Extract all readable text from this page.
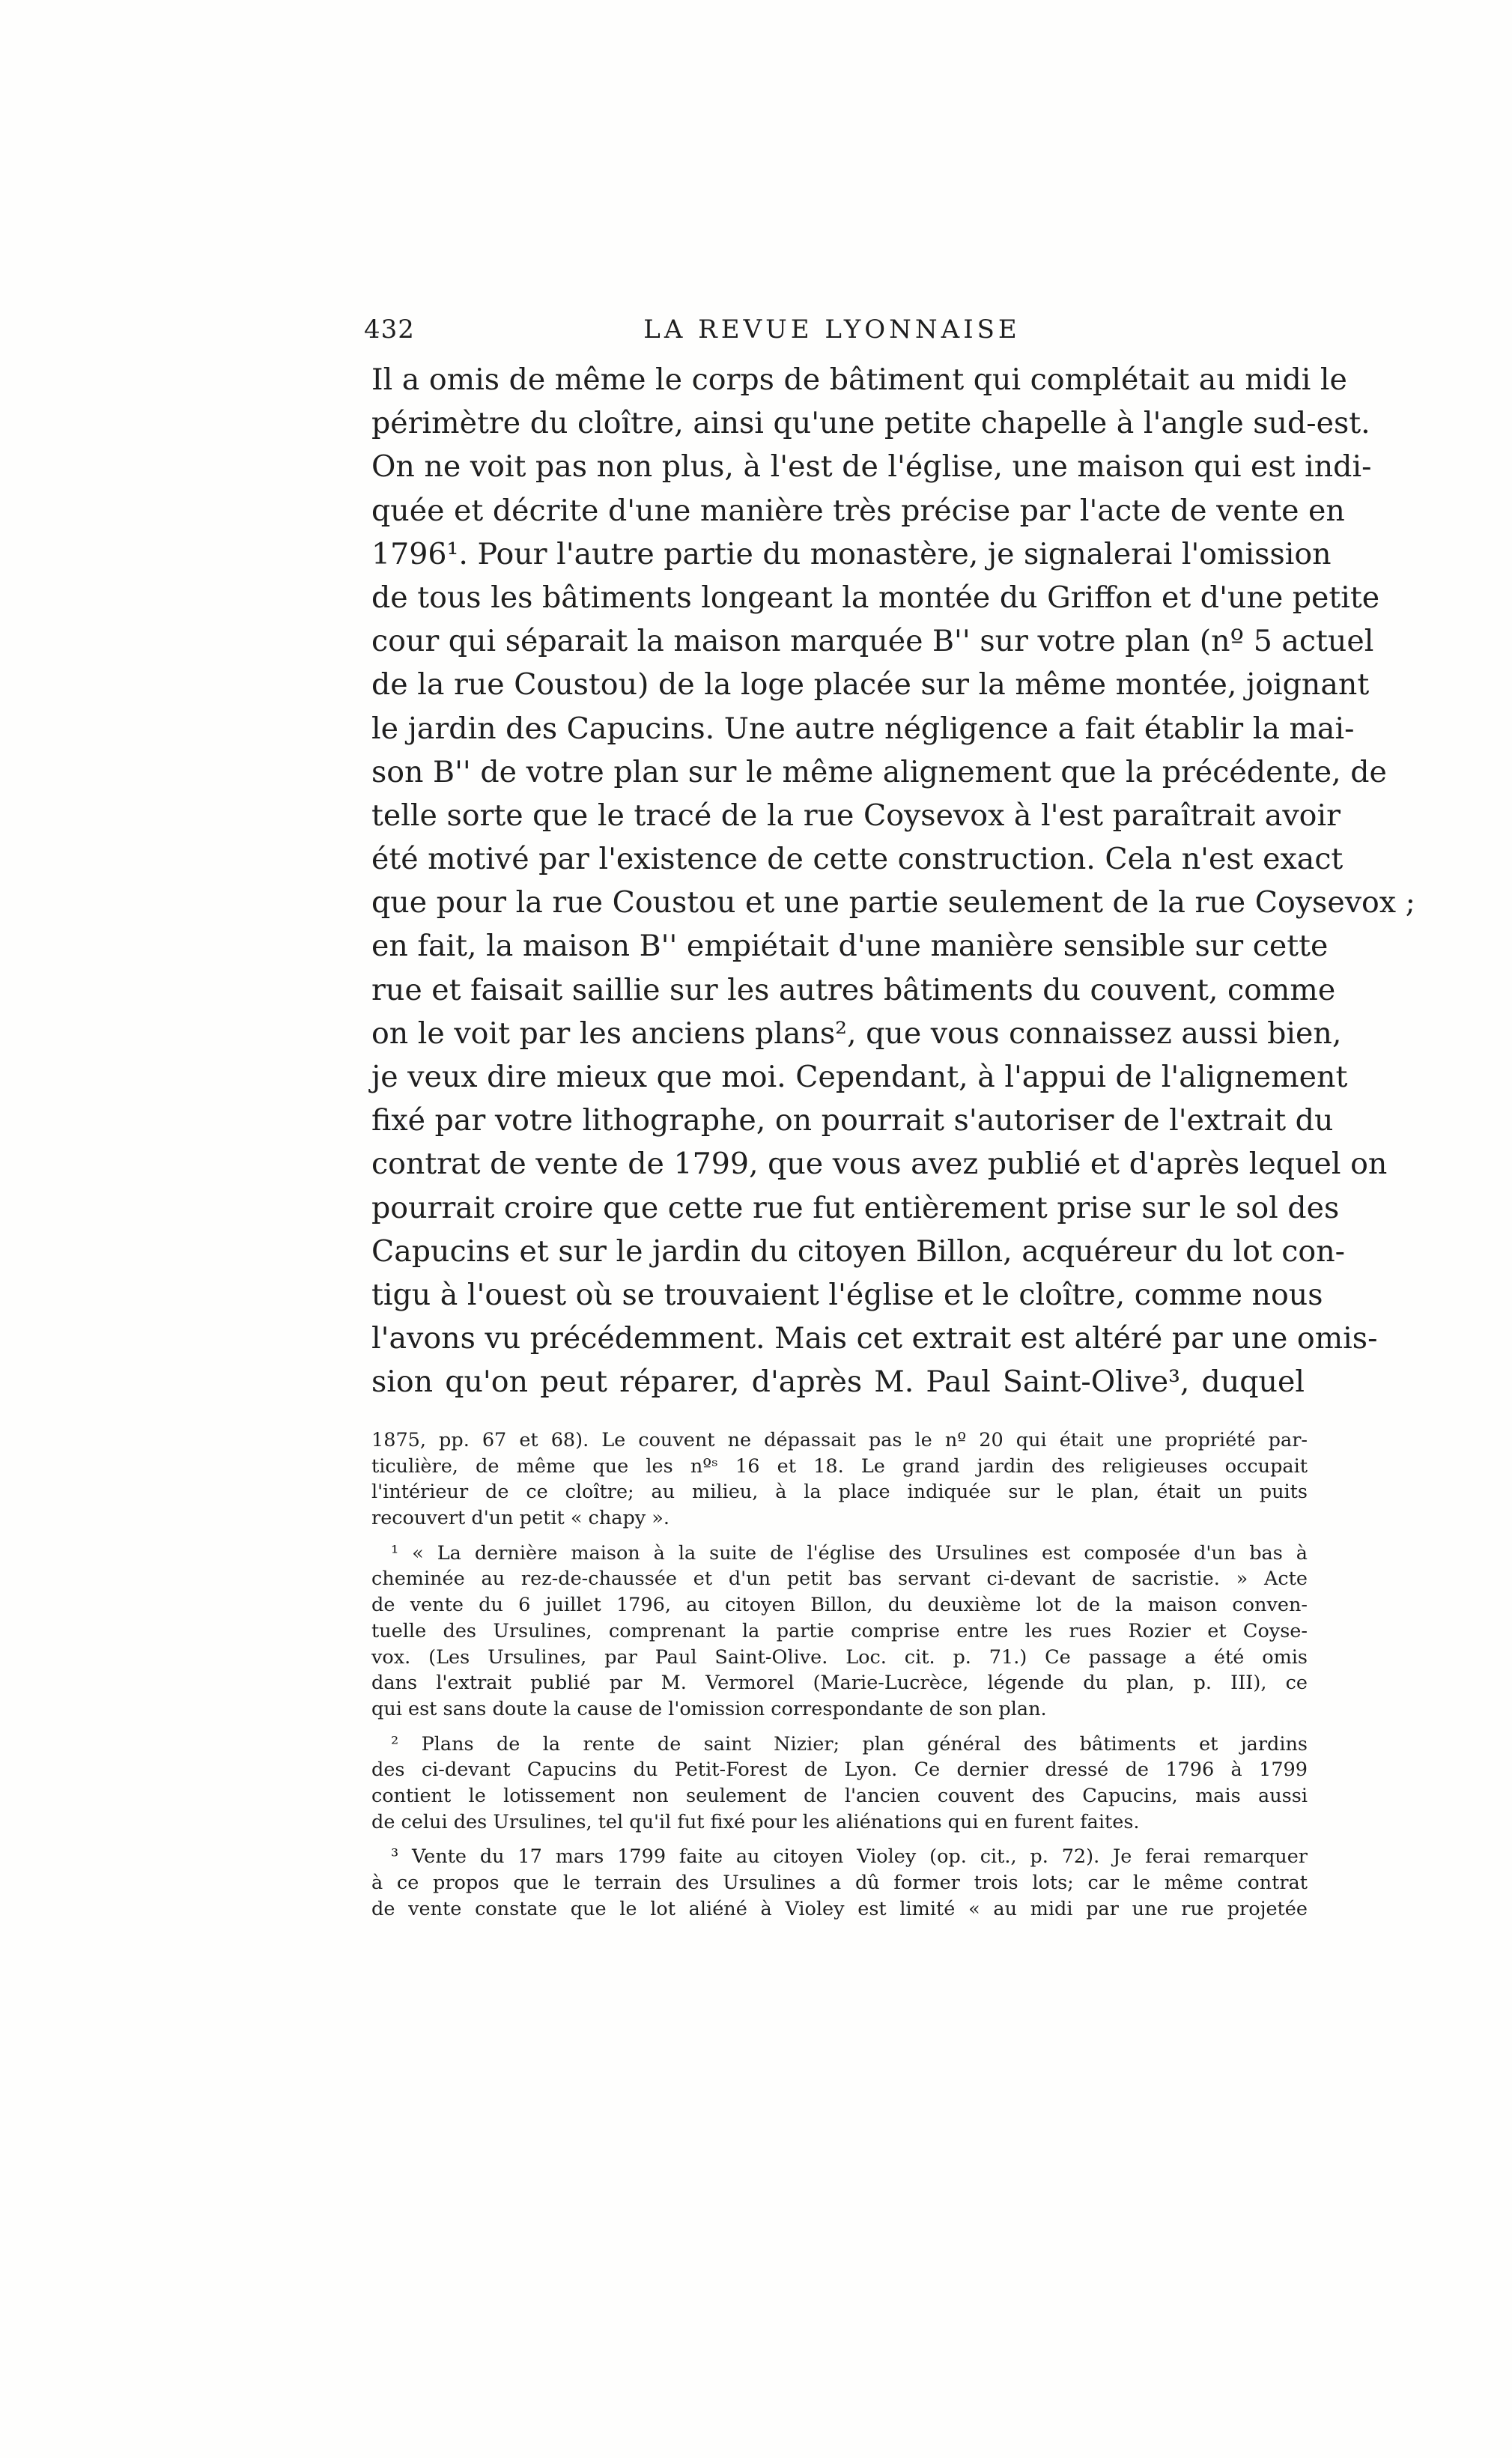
432	LA REVUE LYONNAISE
Il a omis de même le corps de bâtiment qui complétait au midi le
périmètre du cloître, ainsi qu'une petite chapelle à l'angle sud-est.
On ne voit pas non plus, à l'est de l'église, une maison qui est indi-
quée et décrite d'une manière très précise par l'acte de vente en
1796¹. Pour l'autre partie du monastère, je signalerai l'omission
de tous les bâtiments longeant la montée du Griffon et d'une petite
cour qui séparait la maison marquée B'' sur votre plan (nº 5 actuel
de la rue Coustou) de la loge placée sur la même montée, joignant
le jardin des Capucins. Une autre négligence a fait établir la mai-
son B'' de votre plan sur le même alignement que la précédente, de
telle sorte que le tracé de la rue Coysevox à l'est paraîtrait avoir
été motivé par l'existence de cette construction. Cela n'est exact
que pour la rue Coustou et une partie seulement de la rue Coysevox ;
en fait, la maison B'' empiétait d'une manière sensible sur cette
rue et faisait saillie sur les autres bâtiments du couvent, comme
on le voit par les anciens plans², que vous connaissez aussi bien,
je veux dire mieux que moi. Cependant, à l'appui de l'alignement
fixé par votre lithographe, on pourrait s'autoriser de l'extrait du
contrat de vente de 1799, que vous avez publié et d'après lequel on
pourrait croire que cette rue fut entièrement prise sur le sol des
Capucins et sur le jardin du citoyen Billon, acquéreur du lot con-
tigu à l'ouest où se trouvaient l'église et le cloître, comme nous
l'avons vu précédemment. Mais cet extrait est altéré par une omis-
sion qu'on peut réparer, d'après M. Paul Saint-Olive³, duquel
1875, pp. 67 et 68). Le couvent ne dépassait pas le nº 20 qui était une propriété par-
ticulière, de même que les nºˢ 16 et 18. Le grand jardin des religieuses occupait
l'intérieur de ce cloître; au milieu, à la place indiquée sur le plan, était un puits
recouvert d'un petit « chapy ».
¹ « La dernière maison à la suite de l'église des Ursulines est composée d'un bas à
cheminée au rez-de-chaussée et d'un petit bas servant ci-devant de sacristie. » Acte
de vente du 6 juillet 1796, au citoyen Billon, du deuxième lot de la maison conven-
tuelle des Ursulines, comprenant la partie comprise entre les rues Rozier et Coyse-
vox. (Les Ursulines, par Paul Saint-Olive. Loc. cit. p. 71.) Ce passage a été omis
dans l'extrait publié par M. Vermorel (Marie-Lucrèce, légende du plan, p. III), ce
qui est sans doute la cause de l'omission correspondante de son plan.
² Plans de la rente de saint Nizier; plan général des bâtiments et jardins
des ci-devant Capucins du Petit-Forest de Lyon. Ce dernier dressé de 1796 à 1799
contient le lotissement non seulement de l'ancien couvent des Capucins, mais aussi
de celui des Ursulines, tel qu'il fut fixé pour les aliénations qui en furent faites.
³ Vente du 17 mars 1799 faite au citoyen Violey (op. cit., p. 72). Je ferai remarquer
à ce propos que le terrain des Ursulines a dû former trois lots; car le même contrat
de vente constate que le lot aliéné à Violey est limité « au midi par une rue projetée
